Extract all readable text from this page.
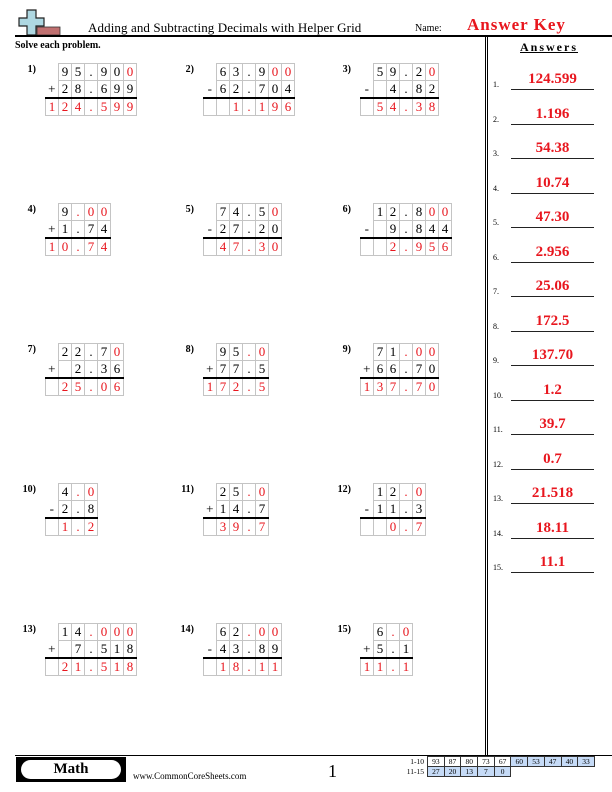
Adding and Subtracting Decimals with Helper Grid	Name: Answer Key
Solve each problem.
1)
	9	5	.	9	0	0
+	2	8	.	6	9	9
1	2	4	.	5	9	9
2)
	6	3	.	9	0	0
-	6	2	.	7	0	4
		1	.	1	9	6
3)
	5	9	.	2	0
-		4	.	8	2
	5	4	.	3	8
4)
	9	.	0	0
+	1	.	7	4
1	0	.	7	4
5)
	7	4	.	5	0
-	2	7	.	2	0
	4	7	.	3	0
6)
	1	2	.	8	0	0
-		9	.	8	4	4
		2	.	9	5	6
7)
	2	2	.	7	0
+		2	.	3	6
	2	5	.	0	6
8)
	9	5	.	0
+	7	7	.	5
1	7	2	.	5
9)
	7	1	.	0	0
+	6	6	.	7	0
1	3	7	.	7	0
10)
	4	.	0
-	2	.	8
	1	.	2
11)
	2	5	.	0
+	1	4	.	7
	3	9	.	7
12)
	1	2	.	0
-	1	1	.	3
		0	.	7
13)
	1	4	.	0	0	0
+		7	.	5	1	8
	2	1	.	5	1	8
14)
	6	2	.	0	0
-	4	3	.	8	9
	1	8	.	1	1
15)
	6	.	0
+	5	.	1
1	1	.	1
Answers
1.	124.599
2.	1.196
3.	54.38
4.	10.74
5.	47.30
6.	2.956
7.	25.06
8.	172.5
9.	137.70
10.	1.2
11.	39.7
12.	0.7
13.	21.518
14.	18.11
15.	11.1
Math	www.CommonCoreSheets.com	1	1-10	93	87	80	73	67	60	53	47	40	33
11-15	27	20	13	7	0					
